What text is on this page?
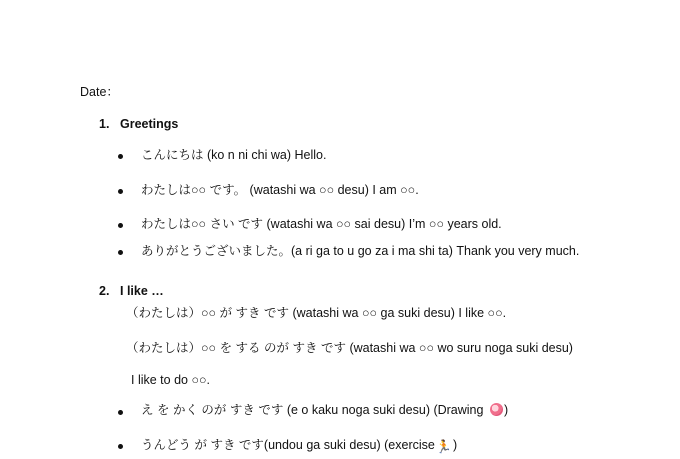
Date：
1. Greetings
こんにちは (ko n ni chi wa) Hello.
わたしは○○ です。 (watashi wa ○○ desu) I am ○○.
わたしは○○ さい です (watashi wa ○○ sai desu) I’m ○○ years old.
ありがとうございました。(a ri ga to u go za i ma shi ta) Thank you very much.
2. I like …
（わたしは）○○ が すき です (watashi wa ○○ ga suki desu) I like ○○.
（わたしは）○○ を する のが すき です (watashi wa ○○ wo suru noga suki desu)
I like to do ○○.
え を かく のが すき です (e o kaku noga suki desu) (Drawing )
うんどう が すき です(undou ga suki desu) (exercise🏃)
